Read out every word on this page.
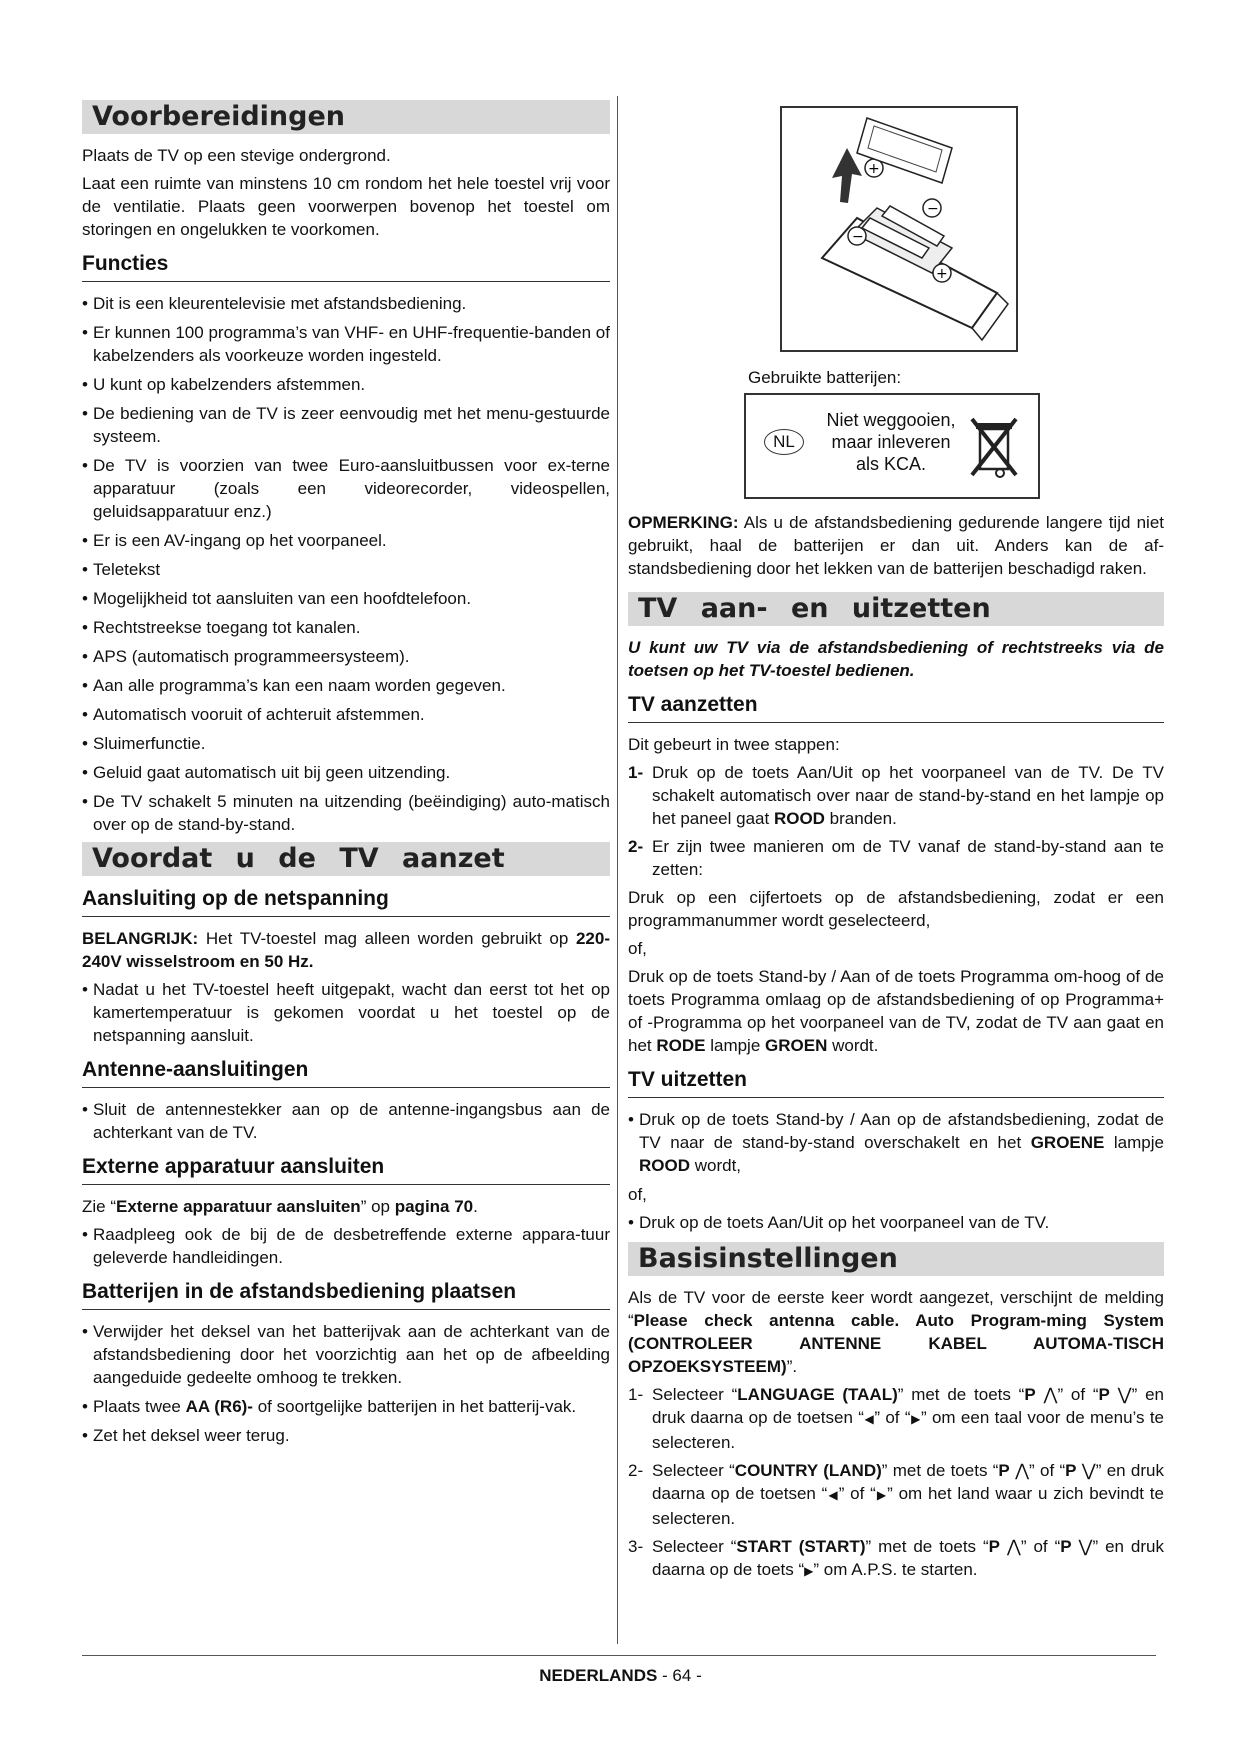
Voorbereidingen

Plaats de TV op een stevige ondergrond.

Laat een ruimte van minstens 10 cm rondom het hele toestel vrij voor de ventilatie. Plaats geen voorwerpen bovenop het toestel om storingen en ongelukken te voorkomen.

Functies
• Dit is een kleurentelevisie met afstandsbediening.
• Er kunnen 100 programma’s van VHF- en UHF-frequentie-banden of kabelzenders als voorkeuze worden ingesteld.
• U kunt op kabelzenders afstemmen.
• De bediening van de TV is zeer eenvoudig met het menu-gestuurde systeem.
• De TV is voorzien van twee Euro-aansluitbussen voor ex-terne apparatuur (zoals een videorecorder, videospellen, geluidsapparatuur enz.)
• Er is een AV-ingang op het voorpaneel.
• Teletekst
• Mogelijkheid tot aansluiten van een hoofdtelefoon.
• Rechtstreekse toegang tot kanalen.
• APS (automatisch programmeersysteem).
• Aan alle programma’s kan een naam worden gegeven.
• Automatisch vooruit of achteruit afstemmen.
• Sluimerfunctie.
• Geluid gaat automatisch uit bij geen uitzending.
• De TV schakelt 5 minuten na uitzending (beëindiging) auto-matisch over op de stand-by-stand.
Voordat u de TV aanzet
Aansluiting op de netspanning

BELANGRIJK: Het TV-toestel mag alleen worden gebruikt op 220-240V wisselstroom en 50 Hz.

• Nadat u het TV-toestel heeft uitgepakt, wacht dan eerst tot het op kamertemperatuur is gekomen voordat u het toestel op de netspanning aansluit.
Antenne-aansluitingen
• Sluit de antennestekker aan op de antenne-ingangsbus aan de achterkant van de TV.
Externe apparatuur aansluiten

Zie “Externe apparatuur aansluiten” op pagina 70.

• Raadpleeg ook de bij de de desbetreffende externe appara-tuur geleverde handleidingen.
Batterijen in de afstandsbediening plaatsen
• Verwijder het deksel van het batterijvak aan de achterkant van de afstandsbediening door het voorzichtig aan het op de afbeelding aangeduide gedeelte omhoog te trekken.
• Plaats twee AA (R6)- of soortgelijke batterijen in het batterij-vak.
• Zet het deksel weer terug.
−
+
−
+

Gebruikte batterijen:

NL
Niet weggooien,
maar inleveren
als KCA.

OPMERKING: Als u de afstandsbediening gedurende langere tijd niet gebruikt, haal de batterijen er dan uit. Anders kan de af-standsbediening door het lekken van de batterijen beschadigd raken.

TV aan- en uitzetten

U kunt uw TV via de afstandsbediening of rechtstreeks via de toetsen op het TV-toestel bedienen.

TV aanzetten

Dit gebeurt in twee stappen:

1- Druk op de toets Aan/Uit op het voorpaneel van de TV. De TV schakelt automatisch over naar de stand-by-stand en het lampje op het paneel gaat ROOD branden.
2- Er zijn twee manieren om de TV vanaf de stand-by-stand aan te zetten:

Druk op een cijfertoets op de afstandsbediening, zodat er een programmanummer wordt geselecteerd,

of,

Druk op de toets Stand-by / Aan of de toets Programma om-hoog of de toets Programma omlaag op de afstandsbediening of op Programma+ of -Programma op het voorpaneel van de TV, zodat de TV aan gaat en het RODE lampje GROEN wordt.

TV uitzetten
• Druk op de toets Stand-by / Aan op de afstandsbediening, zodat de TV naar de stand-by-stand overschakelt en het GROENE lampje ROOD wordt,

of,

• Druk op de toets Aan/Uit op het voorpaneel van de TV.
Basisinstellingen

Als de TV voor de eerste keer wordt aangezet, verschijnt de melding “Please check antenna cable. Auto Program-ming System (CONTROLEER ANTENNE KABEL AUTOMA-TISCH OPZOEKSYSTEEM)”.

1- Selecteer “LANGUAGE (TAAL)” met de toets “P ⋀” of “P ⋁” en druk daarna op de toetsen “◀” of “▶” om een taal voor de menu’s te selecteren.
2- Selecteer “COUNTRY (LAND)” met de toets “P ⋀” of “P ⋁” en druk daarna op de toetsen “◀” of “▶” om het land waar u zich bevindt te selecteren.
3- Selecteer “START (START)” met de toets “P ⋀” of “P ⋁” en druk daarna op de toets “▶” om A.P.S. te starten.
NEDERLANDS - 64 -
